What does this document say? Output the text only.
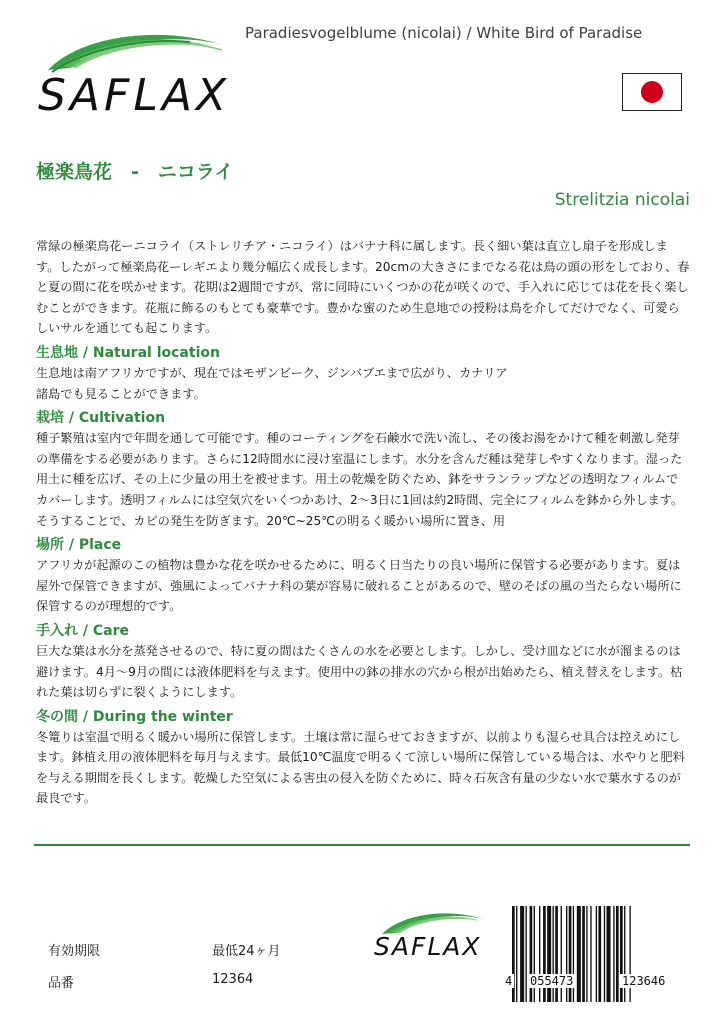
SAFLAX
Paradiesvogelblume (nicolai) / White Bird of Paradise
極楽鳥花　-　ニコライ
Strelitzia nicolai

常緑の極楽鳥花ーニコライ（ストレリチア・ニコライ）はバナナ科に属します。長く細い葉は直立し扇子を形成します。したがって極楽鳥花ーレギエより幾分幅広く成長します。20cmの大きさにまでなる花は鳥の頭の形をしており、春と夏の間に花を咲かせます。花期は2週間ですが、常に同時にいくつかの花が咲くので、手入れに応じては花を長く楽しむことができます。花瓶に飾るのもとても豪華です。豊かな蜜のため生息地での授粉は鳥を介してだけでなく、可愛らしいサルを通じても起こります。

生息地 / Natural location

生息地は南アフリカですが、現在ではモザンビーク、ジンバブエまで広がり、カナリア
諸島でも見ることができます。

栽培 / Cultivation

種子繁殖は室内で年間を通して可能です。種のコーティングを石鹸水で洗い流し、その後お湯をかけて種を刺激し発芽の準備をする必要があります。さらに12時間水に浸け室温にします。水分を含んだ種は発芽しやすくなります。湿った用土に種を広げ、その上に少量の用土を被せます。用土の乾燥を防ぐため、鉢をサランラップなどの透明なフィルムでカバーします。透明フィルムには空気穴をいくつかあけ、2～3日に1回は約2時間、完全にフィルムを鉢から外します。そうすることで、カビの発生を防ぎます。20℃~25℃の明るく暖かい場所に置き、用

場所 / Place

アフリカが起源のこの植物は豊かな花を咲かせるために、明るく日当たりの良い場所に保管する必要があります。夏は屋外で保管できますが、強風によってバナナ科の葉が容易に破れることがあるので、壁のそばの風の当たらない場所に保管するのが理想的です。

手入れ / Care

巨大な葉は水分を蒸発させるので、特に夏の間はたくさんの水を必要とします。しかし、受け皿などに水が溜まるのは避けます。4月～9月の間には液体肥料を与えます。使用中の鉢の排水の穴から根が出始めたら、植え替えをします。枯れた葉は切らずに裂くようにします。

冬の間 / During the winter

冬篭りは室温で明るく暖かい場所に保管します。土壌は常に湿らせておきますが、以前よりも湿らせ具合は控えめにします。鉢植え用の液体肥料を毎月与えます。最低10℃温度で明るくて涼しい場所に保管している場合は、水やりと肥料を与える期間を長くします。乾燥した空気による害虫の侵入を防ぐために、時々石灰含有量の少ない水で葉水するのが最良です。

有効期限	最低24ヶ月
品番	12364
SAFLAX
4 055473	123646
